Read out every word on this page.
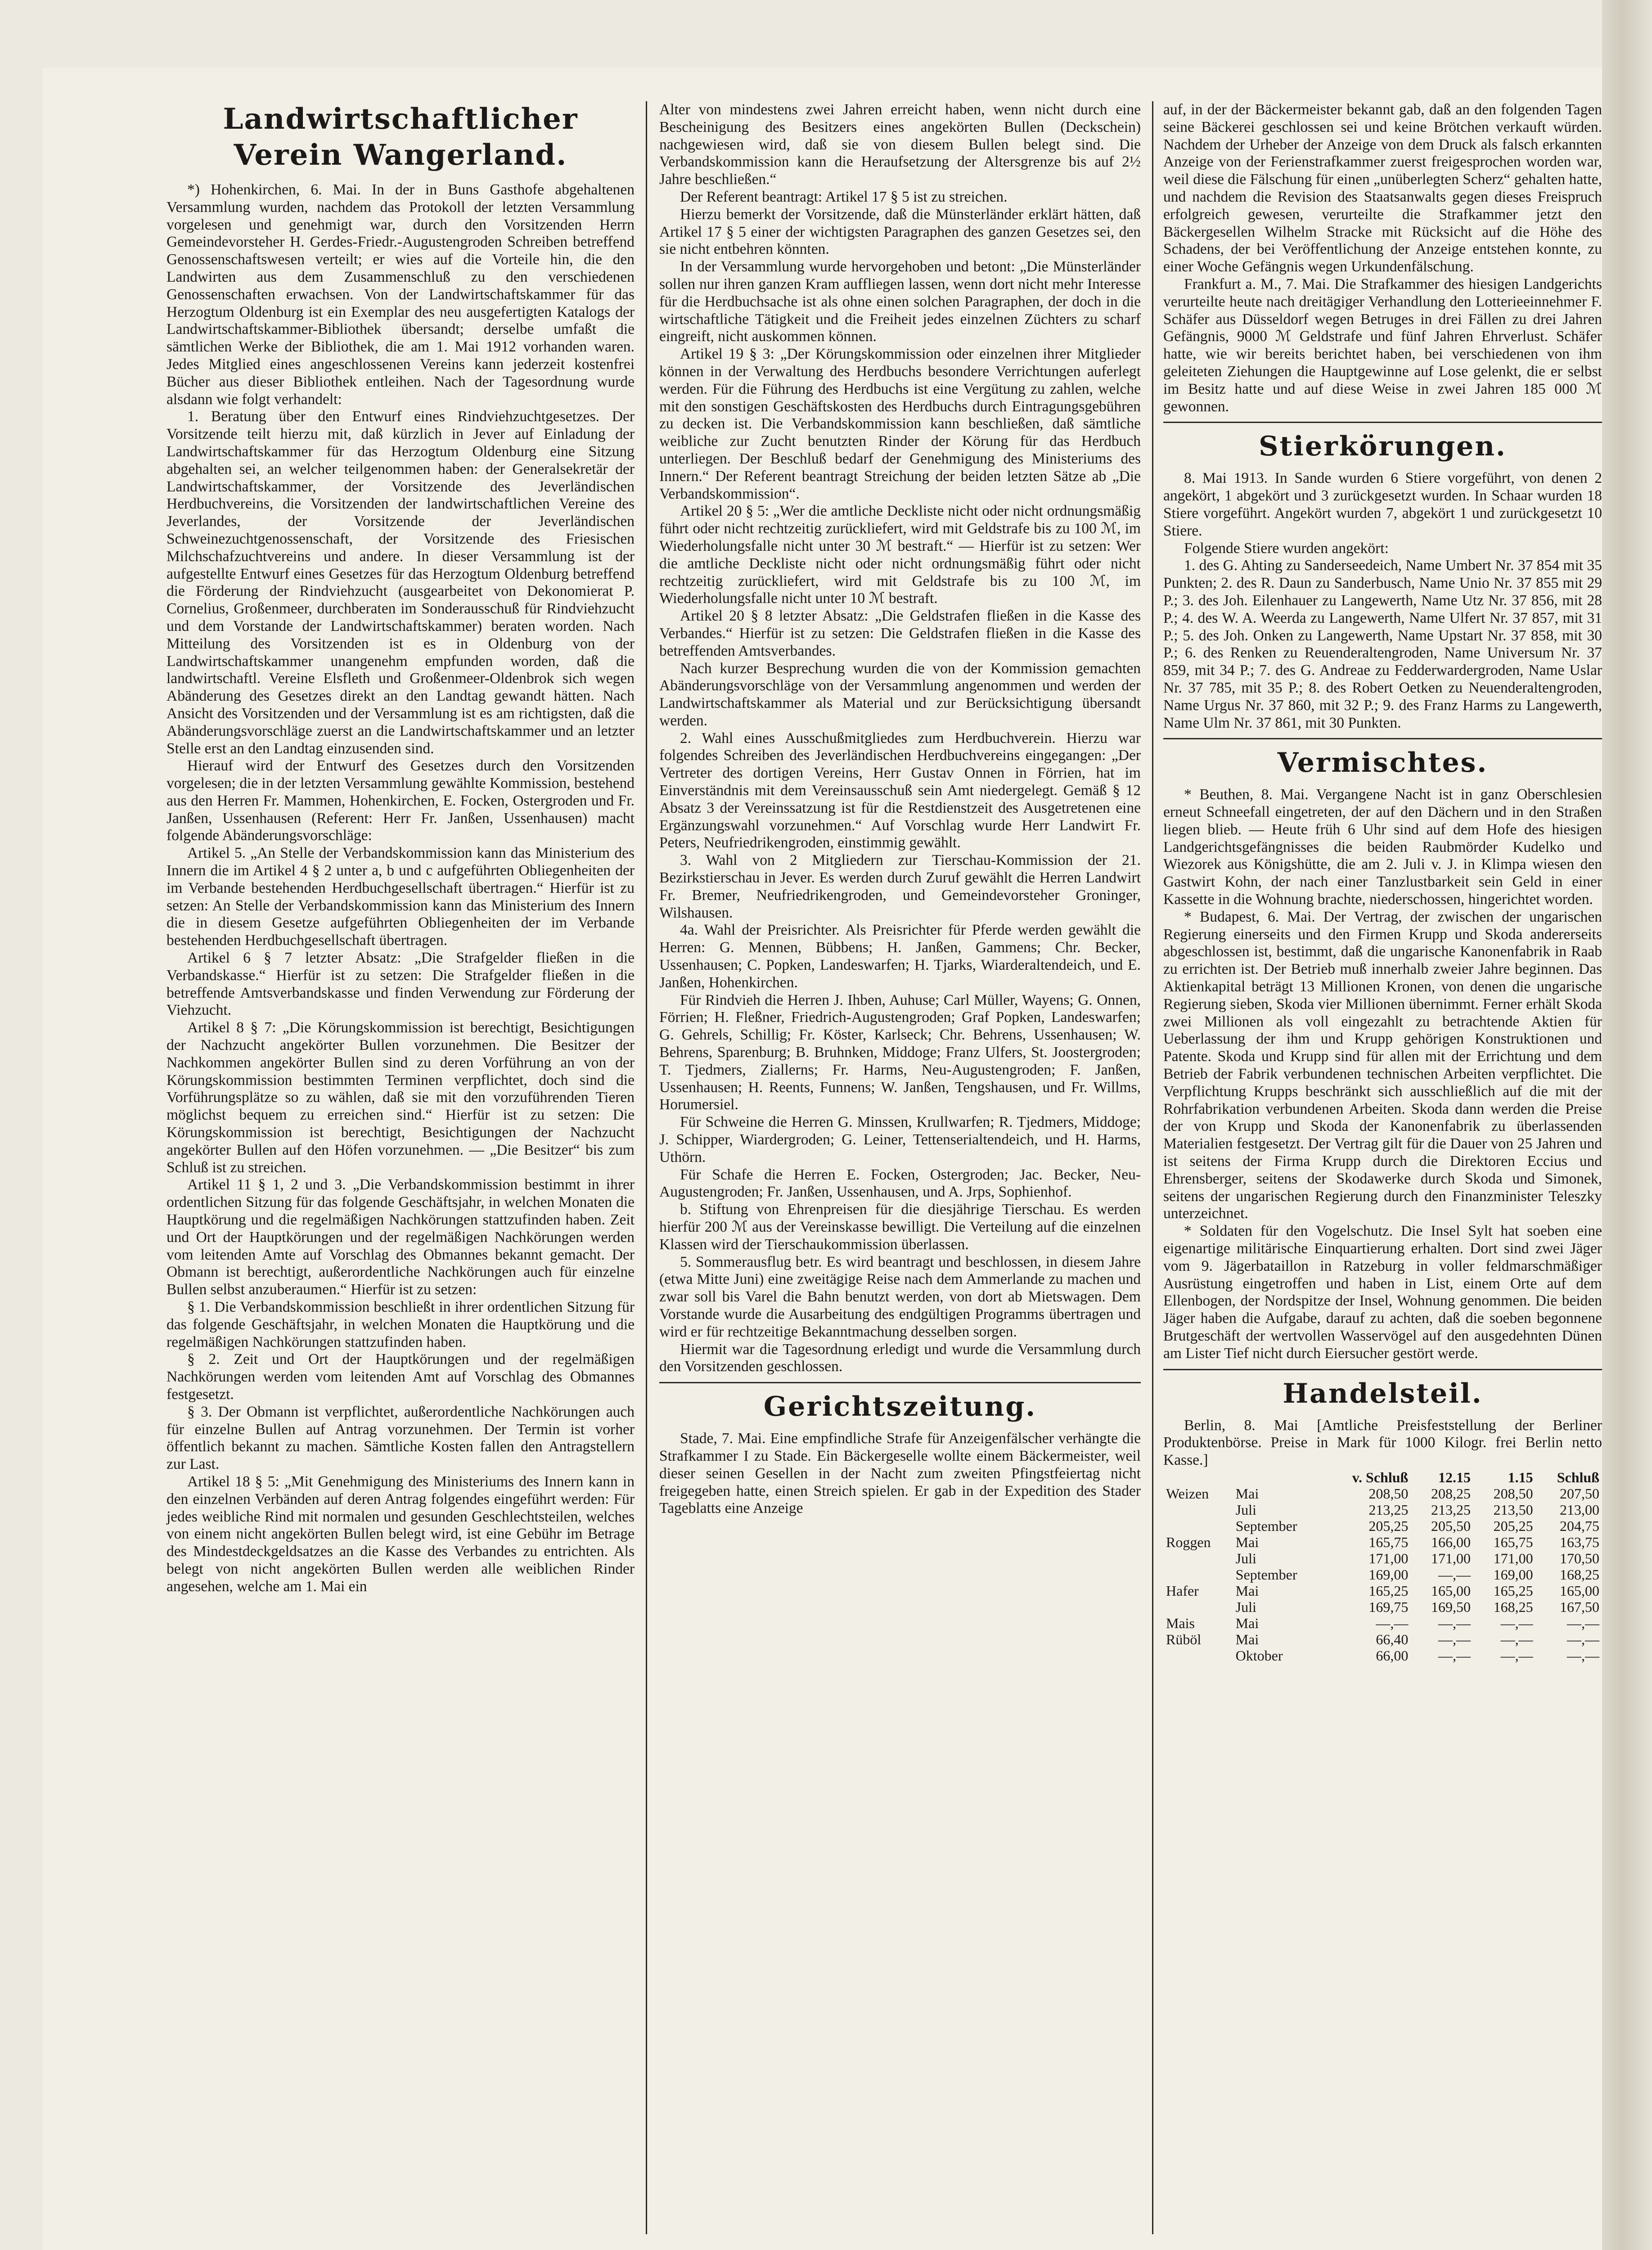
Landwirtschaftlicher Verein Wangerland.

*) Hohenkirchen, 6. Mai. In der in Buns Gasthofe abgehaltenen Versammlung wurden, nachdem das Protokoll der letzten Versammlung vorgelesen und genehmigt war, durch den Vorsitzenden Herrn Gemeindevorsteher H. Gerdes-Friedr.-Augustengroden Schreiben betreffend Genossenschaftswesen verteilt; er wies auf die Vorteile hin, die den Landwirten aus dem Zusammenschluß zu den verschiedenen Genossenschaften erwachsen. Von der Landwirtschaftskammer für das Herzogtum Oldenburg ist ein Exemplar des neu ausgefertigten Katalogs der Landwirtschaftskammer-Bibliothek übersandt; derselbe umfaßt die sämtlichen Werke der Bibliothek, die am 1. Mai 1912 vorhanden waren. Jedes Mitglied eines angeschlossenen Vereins kann jederzeit kostenfrei Bücher aus dieser Bibliothek entleihen. Nach der Tagesordnung wurde alsdann wie folgt verhandelt:

1. Beratung über den Entwurf eines Rindviehzuchtgesetzes. Der Vorsitzende teilt hierzu mit, daß kürzlich in Jever auf Einladung der Landwirtschaftskammer für das Herzogtum Oldenburg eine Sitzung abgehalten sei, an welcher teilgenommen haben: der Generalsekretär der Landwirtschaftskammer, der Vorsitzende des Jeverländischen Herdbuchvereins, die Vorsitzenden der landwirtschaftlichen Vereine des Jeverlandes, der Vorsitzende der Jeverländischen Schweinezuchtgenossenschaft, der Vorsitzende des Friesischen Milchschafzuchtvereins und andere. In dieser Versammlung ist der aufgestellte Entwurf eines Gesetzes für das Herzogtum Oldenburg betreffend die Förderung der Rindviehzucht (ausgearbeitet von Dekonomierat P. Cornelius, Großenmeer, durchberaten im Sonderausschuß für Rindviehzucht und dem Vorstande der Landwirtschaftskammer) beraten worden. Nach Mitteilung des Vorsitzenden ist es in Oldenburg von der Landwirtschaftskammer unangenehm empfunden worden, daß die landwirtschaftl. Vereine Elsfleth und Großenmeer-Oldenbrok sich wegen Abänderung des Gesetzes direkt an den Landtag gewandt hätten. Nach Ansicht des Vorsitzenden und der Versammlung ist es am richtigsten, daß die Abänderungsvorschläge zuerst an die Landwirtschaftskammer und an letzter Stelle erst an den Landtag einzusenden sind.

Hierauf wird der Entwurf des Gesetzes durch den Vorsitzenden vorgelesen; die in der letzten Versammlung gewählte Kommission, bestehend aus den Herren Fr. Mammen, Hohenkirchen, E. Focken, Ostergroden und Fr. Janßen, Ussenhausen (Referent: Herr Fr. Janßen, Ussenhausen) macht folgende Abänderungsvorschläge:

Artikel 5. „An Stelle der Verbandskommission kann das Ministerium des Innern die im Artikel 4 § 2 unter a, b und c aufgeführten Obliegenheiten der im Verbande bestehenden Herdbuchgesellschaft übertragen.“ Hierfür ist zu setzen: An Stelle der Verbandskommission kann das Ministerium des Innern die in diesem Gesetze aufgeführten Obliegenheiten der im Verbande bestehenden Herdbuchgesellschaft übertragen.

Artikel 6 § 7 letzter Absatz: „Die Strafgelder fließen in die Verbandskasse.“ Hierfür ist zu setzen: Die Strafgelder fließen in die betreffende Amtsverbandskasse und finden Verwendung zur Förderung der Viehzucht.

Artikel 8 § 7: „Die Körungskommission ist berechtigt, Besichtigungen der Nachzucht angekörter Bullen vorzunehmen. Die Besitzer der Nachkommen angekörter Bullen sind zu deren Vorführung an von der Körungskommission bestimmten Terminen verpflichtet, doch sind die Vorführungsplätze so zu wählen, daß sie mit den vorzuführenden Tieren möglichst bequem zu erreichen sind.“ Hierfür ist zu setzen: Die Körungskommission ist berechtigt, Besichtigungen der Nachzucht angekörter Bullen auf den Höfen vorzunehmen. — „Die Besitzer“ bis zum Schluß ist zu streichen.

Artikel 11 § 1, 2 und 3. „Die Verbandskommission bestimmt in ihrer ordentlichen Sitzung für das folgende Geschäftsjahr, in welchen Monaten die Hauptkörung und die regelmäßigen Nachkörungen stattzufinden haben. Zeit und Ort der Hauptkörungen und der regelmäßigen Nachkörungen werden vom leitenden Amte auf Vorschlag des Obmannes bekannt gemacht. Der Obmann ist berechtigt, außerordentliche Nachkörungen auch für einzelne Bullen selbst anzuberaumen.“ Hierfür ist zu setzen:

§ 1. Die Verbandskommission beschließt in ihrer ordentlichen Sitzung für das folgende Geschäftsjahr, in welchen Monaten die Hauptkörung und die regelmäßigen Nachkörungen stattzufinden haben.

§ 2. Zeit und Ort der Hauptkörungen und der regelmäßigen Nachkörungen werden vom leitenden Amt auf Vorschlag des Obmannes festgesetzt.

§ 3. Der Obmann ist verpflichtet, außerordentliche Nachkörungen auch für einzelne Bullen auf Antrag vorzunehmen. Der Termin ist vorher öffentlich bekannt zu machen. Sämtliche Kosten fallen den Antragstellern zur Last.

Artikel 18 § 5: „Mit Genehmigung des Ministeriums des Innern kann in den einzelnen Verbänden auf deren Antrag folgendes eingeführt werden: Für jedes weibliche Rind mit normalen und gesunden Geschlechtsteilen, welches von einem nicht angekörten Bullen belegt wird, ist eine Gebühr im Betrage des Mindestdeckgeldsatzes an die Kasse des Verbandes zu entrichten. Als belegt von nicht angekörten Bullen werden alle weiblichen Rinder angesehen, welche am 1. Mai ein

Alter von mindestens zwei Jahren erreicht haben, wenn nicht durch eine Bescheinigung des Besitzers eines angekörten Bullen (Deckschein) nachgewiesen wird, daß sie von diesem Bullen belegt sind. Die Verbandskommission kann die Heraufsetzung der Altersgrenze bis auf 2½ Jahre beschließen.“

Der Referent beantragt: Artikel 17 § 5 ist zu streichen.

Hierzu bemerkt der Vorsitzende, daß die Münsterländer erklärt hätten, daß Artikel 17 § 5 einer der wichtigsten Paragraphen des ganzen Gesetzes sei, den sie nicht entbehren könnten.

In der Versammlung wurde hervorgehoben und betont: „Die Münsterländer sollen nur ihren ganzen Kram auffliegen lassen, wenn dort nicht mehr Interesse für die Herdbuchsache ist als ohne einen solchen Paragraphen, der doch in die wirtschaftliche Tätigkeit und die Freiheit jedes einzelnen Züchters zu scharf eingreift, nicht auskommen können.

Artikel 19 § 3: „Der Körungskommission oder einzelnen ihrer Mitglieder können in der Verwaltung des Herdbuchs besondere Verrichtungen auferlegt werden. Für die Führung des Herdbuchs ist eine Vergütung zu zahlen, welche mit den sonstigen Geschäftskosten des Herdbuchs durch Eintragungsgebühren zu decken ist. Die Verbandskommission kann beschließen, daß sämtliche weibliche zur Zucht benutzten Rinder der Körung für das Herdbuch unterliegen. Der Beschluß bedarf der Genehmigung des Ministeriums des Innern.“ Der Referent beantragt Streichung der beiden letzten Sätze ab „Die Verbandskommission“.

Artikel 20 § 5: „Wer die amtliche Deckliste nicht oder nicht ordnungsmäßig führt oder nicht rechtzeitig zurückliefert, wird mit Geldstrafe bis zu 100 ℳ, im Wiederholungsfalle nicht unter 30 ℳ bestraft.“ — Hierfür ist zu setzen: Wer die amtliche Deckliste nicht oder nicht ordnungsmäßig führt oder nicht rechtzeitig zurückliefert, wird mit Geldstrafe bis zu 100 ℳ, im Wiederholungsfalle nicht unter 10 ℳ bestraft.

Artikel 20 § 8 letzter Absatz: „Die Geldstrafen fließen in die Kasse des Verbandes.“ Hierfür ist zu setzen: Die Geldstrafen fließen in die Kasse des betreffenden Amtsverbandes.

Nach kurzer Besprechung wurden die von der Kommission gemachten Abänderungsvorschläge von der Versammlung angenommen und werden der Landwirtschaftskammer als Material und zur Berücksichtigung übersandt werden.

2. Wahl eines Ausschußmitgliedes zum Herdbuchverein. Hierzu war folgendes Schreiben des Jeverländischen Herdbuchvereins eingegangen: „Der Vertreter des dortigen Vereins, Herr Gustav Onnen in Förrien, hat im Einverständnis mit dem Vereinsausschuß sein Amt niedergelegt. Gemäß § 12 Absatz 3 der Vereinssatzung ist für die Restdienstzeit des Ausgetretenen eine Ergänzungswahl vorzunehmen.“ Auf Vorschlag wurde Herr Landwirt Fr. Peters, Neufriedrikengroden, einstimmig gewählt.

3. Wahl von 2 Mitgliedern zur Tierschau-Kommission der 21. Bezirkstierschau in Jever. Es werden durch Zuruf gewählt die Herren Landwirt Fr. Bremer, Neufriedrikengroden, und Gemeindevorsteher Groninger, Wilshausen.

4a. Wahl der Preisrichter. Als Preisrichter für Pferde werden gewählt die Herren: G. Mennen, Bübbens; H. Janßen, Gammens; Chr. Becker, Ussenhausen; C. Popken, Landeswarfen; H. Tjarks, Wiarderaltendeich, und E. Janßen, Hohenkirchen.

Für Rindvieh die Herren J. Ihben, Auhuse; Carl Müller, Wayens; G. Onnen, Förrien; H. Fleßner, Friedrich-Augustengroden; Graf Popken, Landeswarfen; G. Gehrels, Schillig; Fr. Köster, Karlseck; Chr. Behrens, Ussenhausen; W. Behrens, Sparenburg; B. Bruhnken, Middoge; Franz Ulfers, St. Joostergroden; T. Tjedmers, Ziallerns; Fr. Harms, Neu-Augustengroden; F. Janßen, Ussenhausen; H. Reents, Funnens; W. Janßen, Tengshausen, und Fr. Willms, Horumersiel.

Für Schweine die Herren G. Minssen, Krullwarfen; R. Tjedmers, Middoge; J. Schipper, Wiardergroden; G. Leiner, Tettenserialtendeich, und H. Harms, Uthörn.

Für Schafe die Herren E. Focken, Ostergroden; Jac. Becker, Neu-Augustengroden; Fr. Janßen, Ussenhausen, und A. Jrps, Sophienhof.

b. Stiftung von Ehrenpreisen für die diesjährige Tierschau. Es werden hierfür 200 ℳ aus der Vereinskasse bewilligt. Die Verteilung auf die einzelnen Klassen wird der Tierschaukommission überlassen.

5. Sommerausflug betr. Es wird beantragt und beschlossen, in diesem Jahre (etwa Mitte Juni) eine zweitägige Reise nach dem Ammerlande zu machen und zwar soll bis Varel die Bahn benutzt werden, von dort ab Mietswagen. Dem Vorstande wurde die Ausarbeitung des endgültigen Programms übertragen und wird er für rechtzeitige Bekanntmachung desselben sorgen.

Hiermit war die Tagesordnung erledigt und wurde die Versammlung durch den Vorsitzenden geschlossen.

Gerichtszeitung.

Stade, 7. Mai. Eine empfindliche Strafe für Anzeigenfälscher verhängte die Strafkammer I zu Stade. Ein Bäckergeselle wollte einem Bäckermeister, weil dieser seinen Gesellen in der Nacht zum zweiten Pfingstfeiertag nicht freigegeben hatte, einen Streich spielen. Er gab in der Expedition des Stader Tageblatts eine Anzeige

auf, in der der Bäckermeister bekannt gab, daß an den folgenden Tagen seine Bäckerei geschlossen sei und keine Brötchen verkauft würden. Nachdem der Urheber der Anzeige von dem Druck als falsch erkannten Anzeige von der Ferienstrafkammer zuerst freigesprochen worden war, weil diese die Fälschung für einen „unüberlegten Scherz“ gehalten hatte, und nachdem die Revision des Staatsanwalts gegen dieses Freispruch erfolgreich gewesen, verurteilte die Strafkammer jetzt den Bäckergesellen Wilhelm Stracke mit Rücksicht auf die Höhe des Schadens, der bei Veröffentlichung der Anzeige entstehen konnte, zu einer Woche Gefängnis wegen Urkundenfälschung.

Frankfurt a. M., 7. Mai. Die Strafkammer des hiesigen Landgerichts verurteilte heute nach dreitägiger Verhandlung den Lotterieeinnehmer F. Schäfer aus Düsseldorf wegen Betruges in drei Fällen zu drei Jahren Gefängnis, 9000 ℳ Geldstrafe und fünf Jahren Ehrverlust. Schäfer hatte, wie wir bereits berichtet haben, bei verschiedenen von ihm geleiteten Ziehungen die Hauptgewinne auf Lose gelenkt, die er selbst im Besitz hatte und auf diese Weise in zwei Jahren 185 000 ℳ gewonnen.

Stierkörungen.

8. Mai 1913. In Sande wurden 6 Stiere vorgeführt, von denen 2 angekört, 1 abgekört und 3 zurückgesetzt wurden. In Schaar wurden 18 Stiere vorgeführt. Angekört wurden 7, abgekört 1 und zurückgesetzt 10 Stiere.

Folgende Stiere wurden angekört:

1. des G. Ahting zu Sanderseedeich, Name Umbert Nr. 37 854 mit 35 Punkten; 2. des R. Daun zu Sanderbusch, Name Unio Nr. 37 855 mit 29 P.; 3. des Joh. Eilenhauer zu Langewerth, Name Utz Nr. 37 856, mit 28 P.; 4. des W. A. Weerda zu Langewerth, Name Ulfert Nr. 37 857, mit 31 P.; 5. des Joh. Onken zu Langewerth, Name Upstart Nr. 37 858, mit 30 P.; 6. des Renken zu Reuenderaltengroden, Name Universum Nr. 37 859, mit 34 P.; 7. des G. Andreae zu Fedderwardergroden, Name Uslar Nr. 37 785, mit 35 P.; 8. des Robert Oetken zu Neuenderaltengroden, Name Urgus Nr. 37 860, mit 32 P.; 9. des Franz Harms zu Langewerth, Name Ulm Nr. 37 861, mit 30 Punkten.

Vermischtes.

* Beuthen, 8. Mai. Vergangene Nacht ist in ganz Oberschlesien erneut Schneefall eingetreten, der auf den Dächern und in den Straßen liegen blieb. — Heute früh 6 Uhr sind auf dem Hofe des hiesigen Landgerichtsgefängnisses die beiden Raubmörder Kudelko und Wiezorek aus Königshütte, die am 2. Juli v. J. in Klimpa wiesen den Gastwirt Kohn, der nach einer Tanzlustbarkeit sein Geld in einer Kassette in die Wohnung brachte, niederschossen, hingerichtet worden.

* Budapest, 6. Mai. Der Vertrag, der zwischen der ungarischen Regierung einerseits und den Firmen Krupp und Skoda andererseits abgeschlossen ist, bestimmt, daß die ungarische Kanonenfabrik in Raab zu errichten ist. Der Betrieb muß innerhalb zweier Jahre beginnen. Das Aktienkapital beträgt 13 Millionen Kronen, von denen die ungarische Regierung sieben, Skoda vier Millionen übernimmt. Ferner erhält Skoda zwei Millionen als voll eingezahlt zu betrachtende Aktien für Ueberlassung der ihm und Krupp gehörigen Konstruktionen und Patente. Skoda und Krupp sind für allen mit der Errichtung und dem Betrieb der Fabrik verbundenen technischen Arbeiten verpflichtet. Die Verpflichtung Krupps beschränkt sich ausschließlich auf die mit der Rohrfabrikation verbundenen Arbeiten. Skoda dann werden die Preise der von Krupp und Skoda der Kanonenfabrik zu überlassenden Materialien festgesetzt. Der Vertrag gilt für die Dauer von 25 Jahren und ist seitens der Firma Krupp durch die Direktoren Eccius und Ehrensberger, seitens der Skodawerke durch Skoda und Simonek, seitens der ungarischen Regierung durch den Finanzminister Teleszky unterzeichnet.

* Soldaten für den Vogelschutz. Die Insel Sylt hat soeben eine eigenartige militärische Einquartierung erhalten. Dort sind zwei Jäger vom 9. Jägerbataillon in Ratzeburg in voller feldmarschmäßiger Ausrüstung eingetroffen und haben in List, einem Orte auf dem Ellenbogen, der Nordspitze der Insel, Wohnung genommen. Die beiden Jäger haben die Aufgabe, darauf zu achten, daß die soeben begonnene Brutgeschäft der wertvollen Wasservögel auf den ausgedehnten Dünen am Lister Tief nicht durch Eiersucher gestört werde.

Handelsteil.

Berlin, 8. Mai [Amtliche Preisfeststellung der Berliner Produktenbörse. Preise in Mark für 1000 Kilogr. frei Berlin netto Kasse.]

		v. Schluß	12.15	1.15	Schluß
Weizen	Mai	208,50	208,25	208,50	207,50
	Juli	213,25	213,25	213,50	213,00
	September	205,25	205,50	205,25	204,75
Roggen	Mai	165,75	166,00	165,75	163,75
	Juli	171,00	171,00	171,00	170,50
	September	169,00	—,—	169,00	168,25
Hafer	Mai	165,25	165,00	165,25	165,00
	Juli	169,75	169,50	168,25	167,50
Mais	Mai	—,—	—,—	—,—	—,—
Rüböl	Mai	66,40	—,—	—,—	—,—
	Oktober	66,00	—,—	—,—	—,—
